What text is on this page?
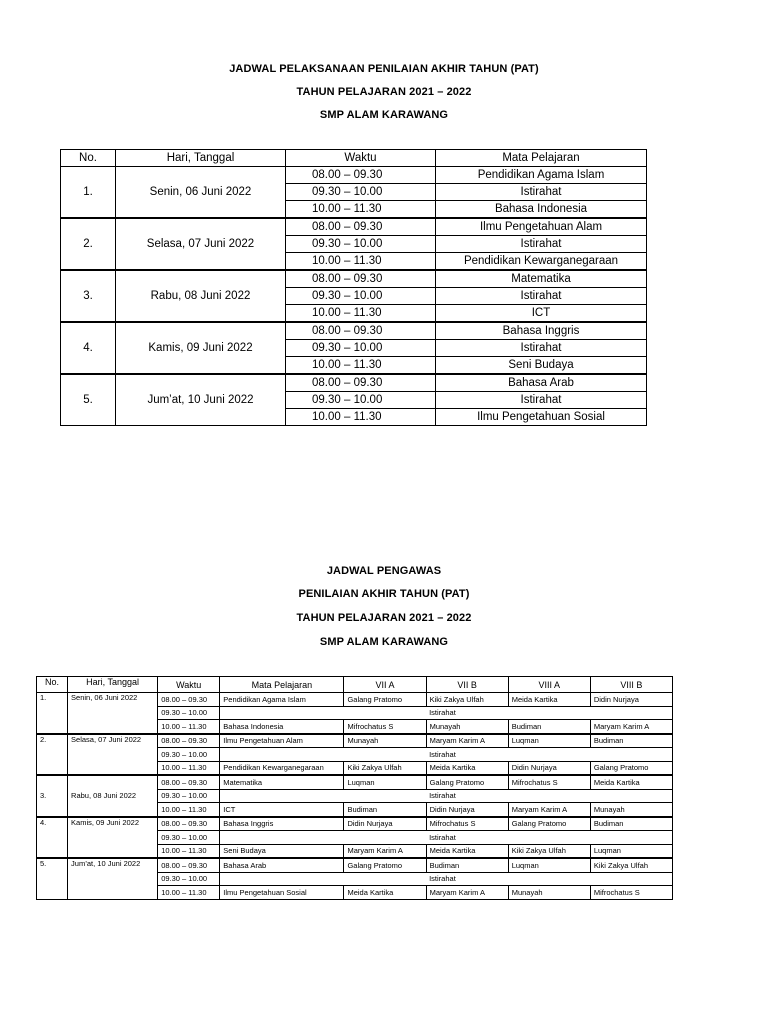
JADWAL PELAKSANAAN PENILAIAN AKHIR TAHUN (PAT)
TAHUN PELAJARAN 2021 – 2022
SMP ALAM KARAWANG
No.	Hari, Tanggal	Waktu	Mata Pelajaran
1.	Senin, 06 Juni 2022	08.00 – 09.30	Pendidikan Agama Islam
		09.30 – 10.00	Istirahat
		10.00 – 11.30	Bahasa Indonesia
2.	Selasa, 07 Juni 2022	08.00 – 09.30	Ilmu Pengetahuan Alam
		09.30 – 10.00	Istirahat
		10.00 – 11.30	Pendidikan Kewarganegaraan
3.	Rabu, 08 Juni 2022	08.00 – 09.30	Matematika
		09.30 – 10.00	Istirahat
		10.00 – 11.30	ICT
4.	Kamis, 09 Juni 2022	08.00 – 09.30	Bahasa Inggris
		09.30 – 10.00	Istirahat
		10.00 – 11.30	Seni Budaya
5.	Jum’at, 10 Juni 2022	08.00 – 09.30	Bahasa Arab
		09.30 – 10.00	Istirahat
		10.00 – 11.30	Ilmu Pengetahuan Sosial
JADWAL PENGAWAS
PENILAIAN AKHIR TAHUN (PAT)
TAHUN PELAJARAN 2021 – 2022
SMP ALAM KARAWANG
No.	Hari, Tanggal	Waktu	Mata Pelajaran	VII A	VII B	VIII A	VIII B
1.	Senin, 06 Juni 2022	08.00 – 09.30	Pendidikan Agama Islam	Galang Pratomo	Kiki Zakya Ulfah	Meida Kartika	Didin Nurjaya
		09.30 – 10.00			Istirahat		
		10.00 – 11.30	Bahasa Indonesia	Mifrochatus S	Munayah	Budiman	Maryam Karim A
2.	Selasa, 07 Juni 2022	08.00 – 09.30	Ilmu Pengetahuan Alam	Munayah	Maryam Karim A	Luqman	Budiman
		09.30 – 10.00			Istirahat		
		10.00 – 11.30	Pendidikan Kewarganegaraan	Kiki Zakya Ulfah	Meida Kartika	Didin Nurjaya	Galang Pratomo
3.	Rabu, 08 Juni 2022	08.00 – 09.30	Matematika	Luqman	Galang Pratomo	Mifrochatus S	Meida Kartika
		09.30 – 10.00			Istirahat		
		10.00 – 11.30	ICT	Budiman	Didin Nurjaya	Maryam Karim A	Munayah
4.	Kamis, 09 Juni 2022	08.00 – 09.30	Bahasa Inggris	Didin Nurjaya	Mifrochatus S	Galang Pratomo	Budiman
		09.30 – 10.00			Istirahat		
		10.00 – 11.30	Seni Budaya	Maryam Karim A	Meida Kartika	Kiki Zakya Ulfah	Luqman
5.	Jum’at, 10 Juni 2022	08.00 – 09.30	Bahasa Arab	Galang Pratomo	Budiman	Luqman	Kiki Zakya Ulfah
		09.30 – 10.00			Istirahat		
		10.00 – 11.30	Ilmu Pengetahuan Sosial	Meida Kartika	Maryam Karim A	Munayah	Mifrochatus S
